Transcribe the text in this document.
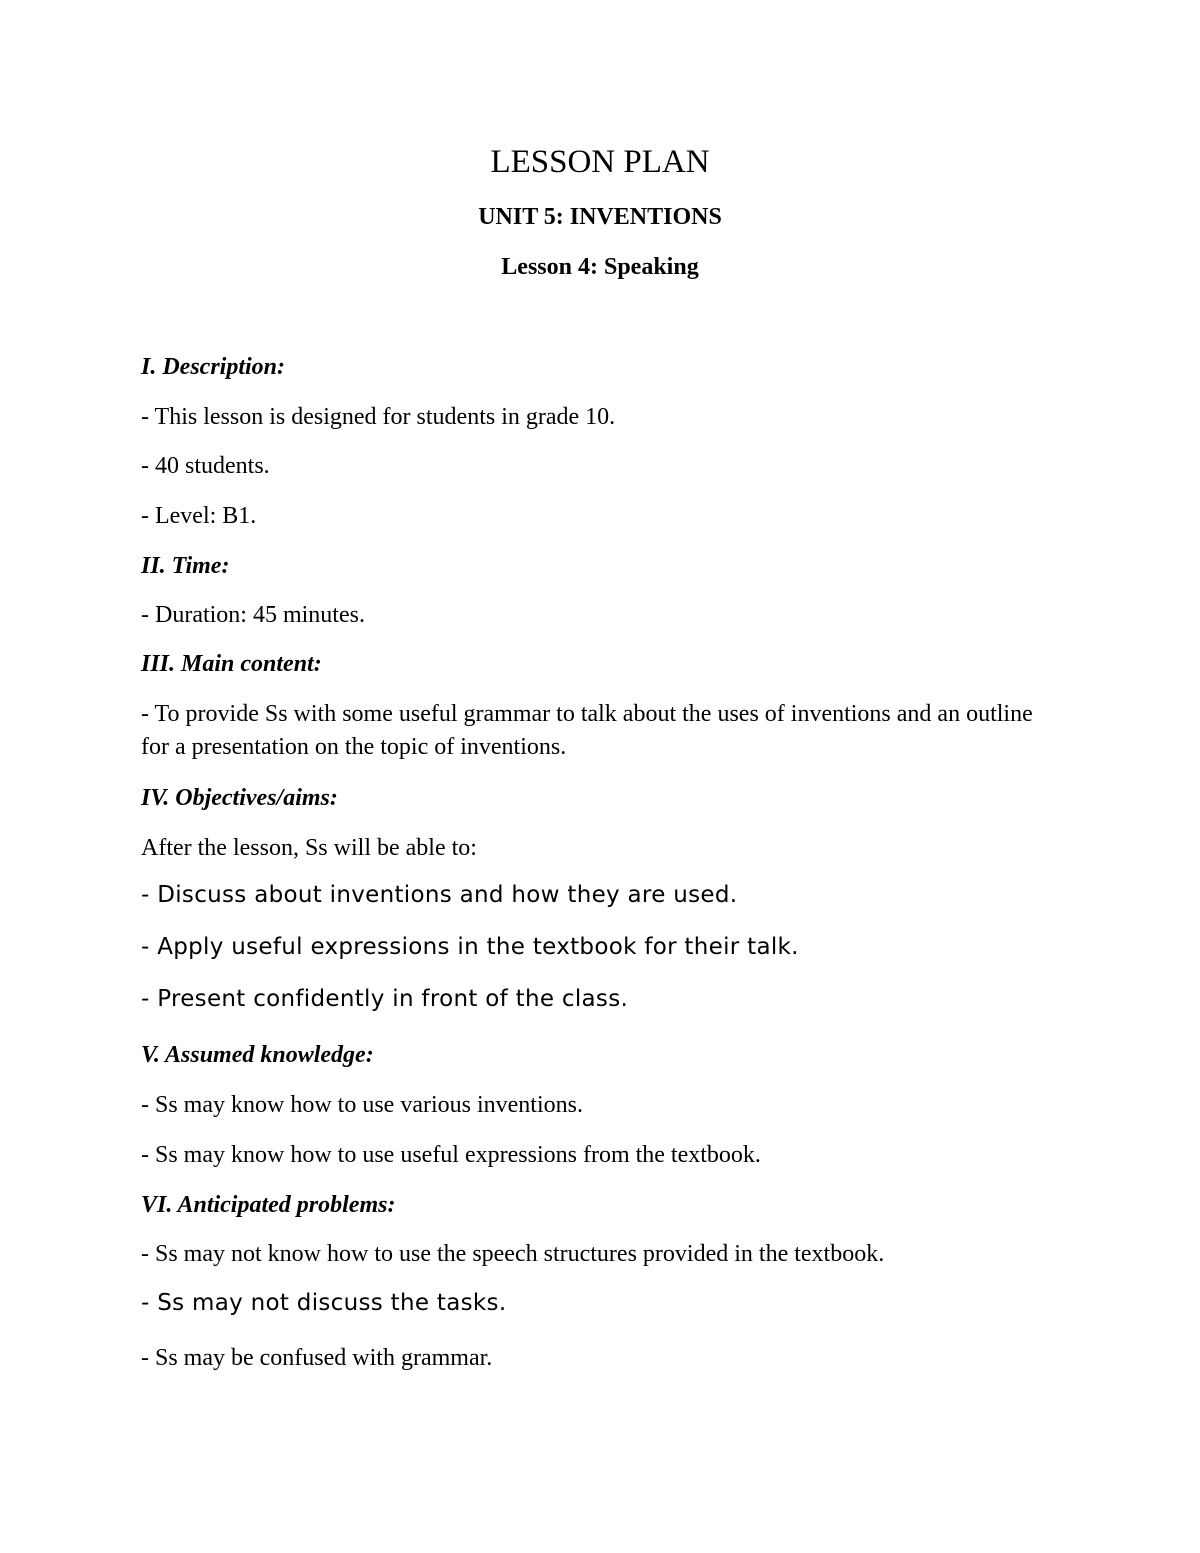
LESSON PLAN
UNIT 5: INVENTIONS
Lesson 4: Speaking
I. Description:
- This lesson is designed for students in grade 10.
- 40 students.
- Level: B1.
II. Time:
- Duration: 45 minutes.
III. Main content:
- To provide Ss with some useful grammar to talk about the uses of inventions and an outline for a presentation on the topic of inventions.
IV. Objectives/aims:
After the lesson, Ss will be able to:
- Discuss about inventions and how they are used.
- Apply useful expressions in the textbook for their talk.
- Present confidently in front of the class.
V. Assumed knowledge:
- Ss may know how to use various inventions.
- Ss may know how to use useful expressions from the textbook.
VI. Anticipated problems:
- Ss may not know how to use the speech structures provided in the textbook.
- Ss may not discuss the tasks.
- Ss may be confused with grammar.
